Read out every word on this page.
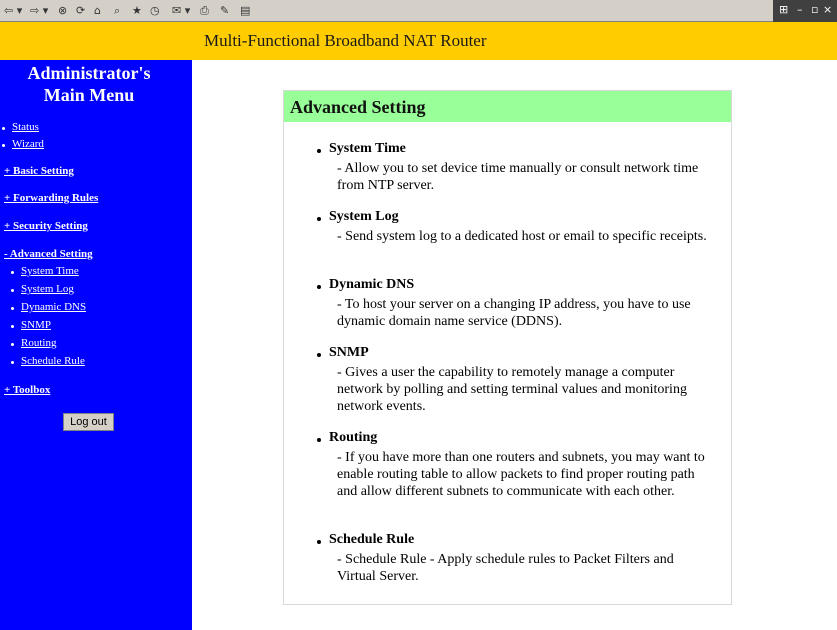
⇦ ▾ ⇨ ▾ ⊗ ⟳ ⌂ ⌕ ★ ◷ ✉ ▾ ⎙ ✎ ▤	⊞ – ▫ ×
Multi-Functional Broadband NAT Router
Administrator's
Main Menu
Status
Wizard
+ Basic Setting
+ Forwarding Rules
+ Security Setting
- Advanced Setting
System Time
System Log
Dynamic DNS
SNMP
Routing
Schedule Rule
+ Toolbox
Log out
Advanced Setting
System Time
- Allow you to set device time manually or consult network time from NTP server.
System Log
- Send system log to a dedicated host or email to specific receipts.
Dynamic DNS
- To host your server on a changing IP address, you have to use dynamic domain name service (DDNS).
SNMP
- Gives a user the capability to remotely manage a computer network by polling and setting terminal values and monitoring network events.
Routing
- If you have more than one routers and subnets, you may want to enable routing table to allow packets to find proper routing path and allow different subnets to communicate with each other.
Schedule Rule
- Schedule Rule - Apply schedule rules to Packet Filters and Virtual Server.
